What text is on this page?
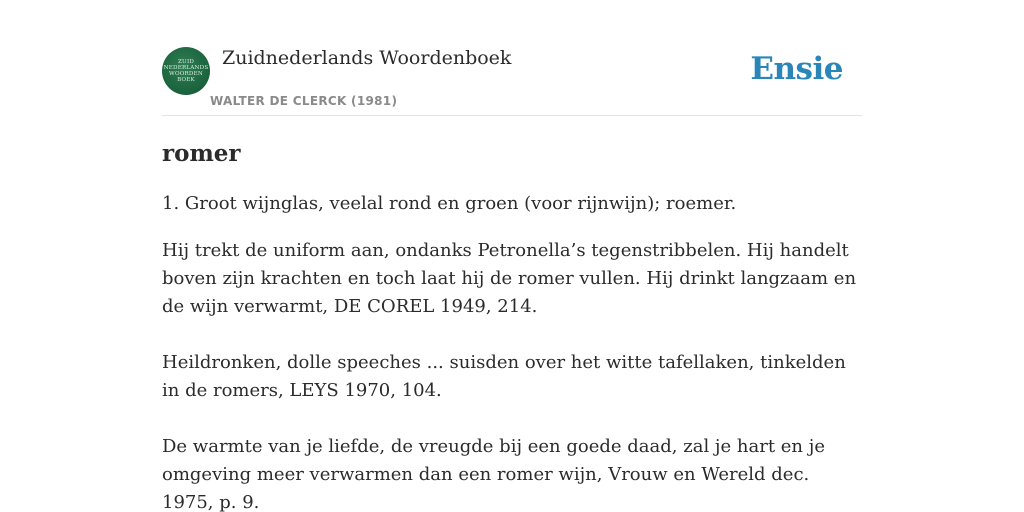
ZUID
NEDERLANDS
WOORDEN
BOEK
Zuidnederlands Woordenboek
WALTER DE CLERCK (1981)
Ensie
romer

1. Groot wijnglas, veelal rond en groen (voor rijnwijn); roemer.

Hij trekt de uniform aan, ondanks Petronella’s tegenstribbelen. Hij handelt boven zijn krachten en toch laat hij de romer vullen. Hij drinkt langzaam en de wijn verwarmt, DE COREL 1949, 214.

Heildronken, dolle speeches ... suisden over het witte tafellaken, tinkelden in de romers, LEYS 1970, 104.

De warmte van je liefde, de vreugde bij een goede daad, zal je hart en je omgeving meer verwarmen dan een romer wijn, Vrouw en Wereld dec. 1975, p. 9.
